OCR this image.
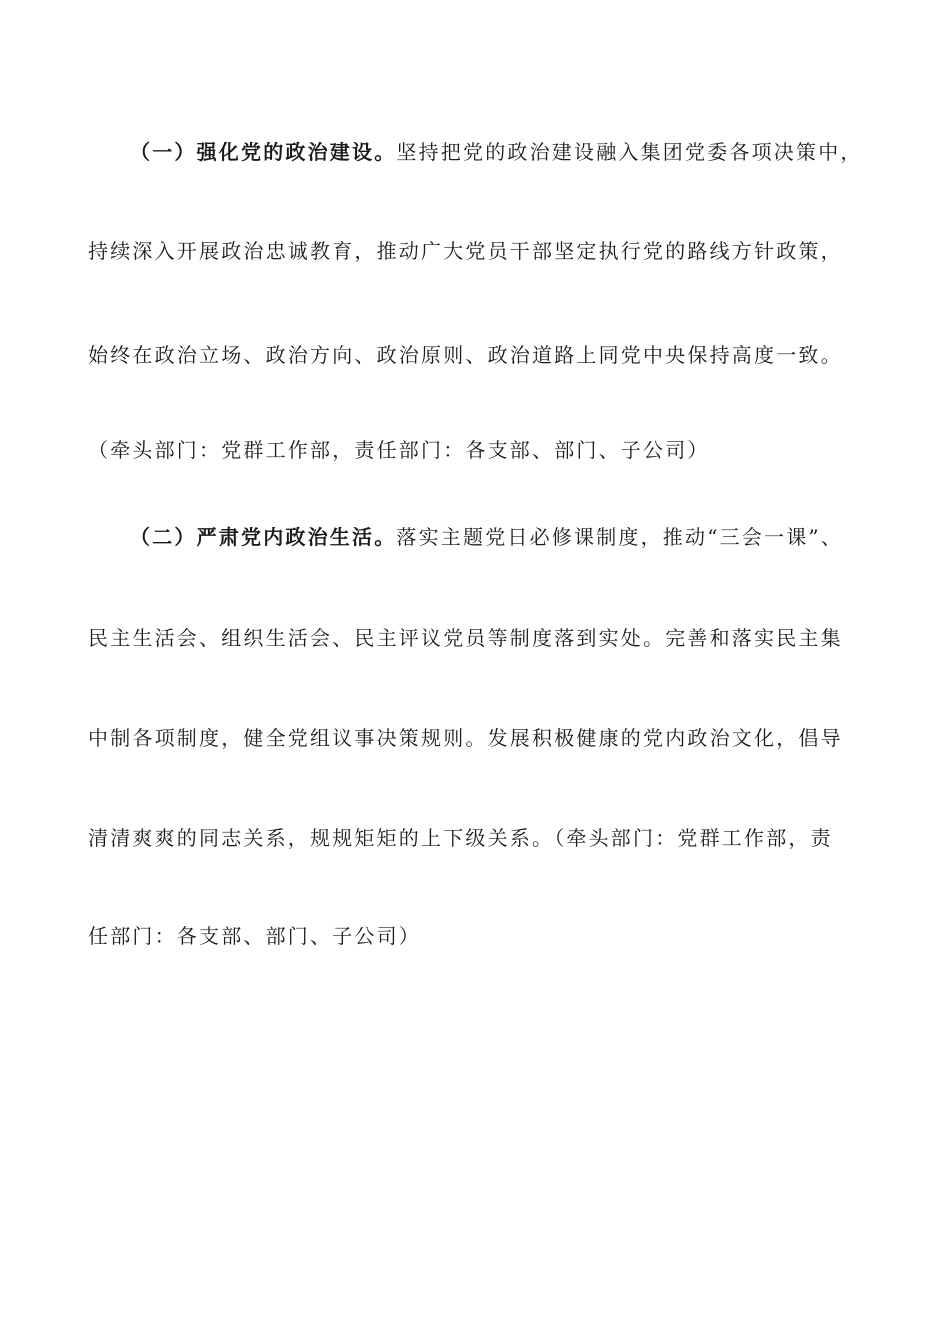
（一）强化党的政治建设。坚持把党的政治建设融入集团党委各项决策中，
持续深入开展政治忠诚教育，推动广大党员干部坚定执行党的路线方针政策，
始终在政治立场、政治方向、政治原则、政治道路上同党中央保持高度一致。
（牵头部门：党群工作部，责任部门：各支部、部门、子公司）
（二）严肃党内政治生活。落实主题党日必修课制度，推动“三会一课”、
民主生活会、组织生活会、民主评议党员等制度落到实处。完善和落实民主集
中制各项制度，健全党组议事决策规则。发展积极健康的党内政治文化，倡导
清清爽爽的同志关系，规规矩矩的上下级关系。（牵头部门：党群工作部，责
任部门：各支部、部门、子公司）
